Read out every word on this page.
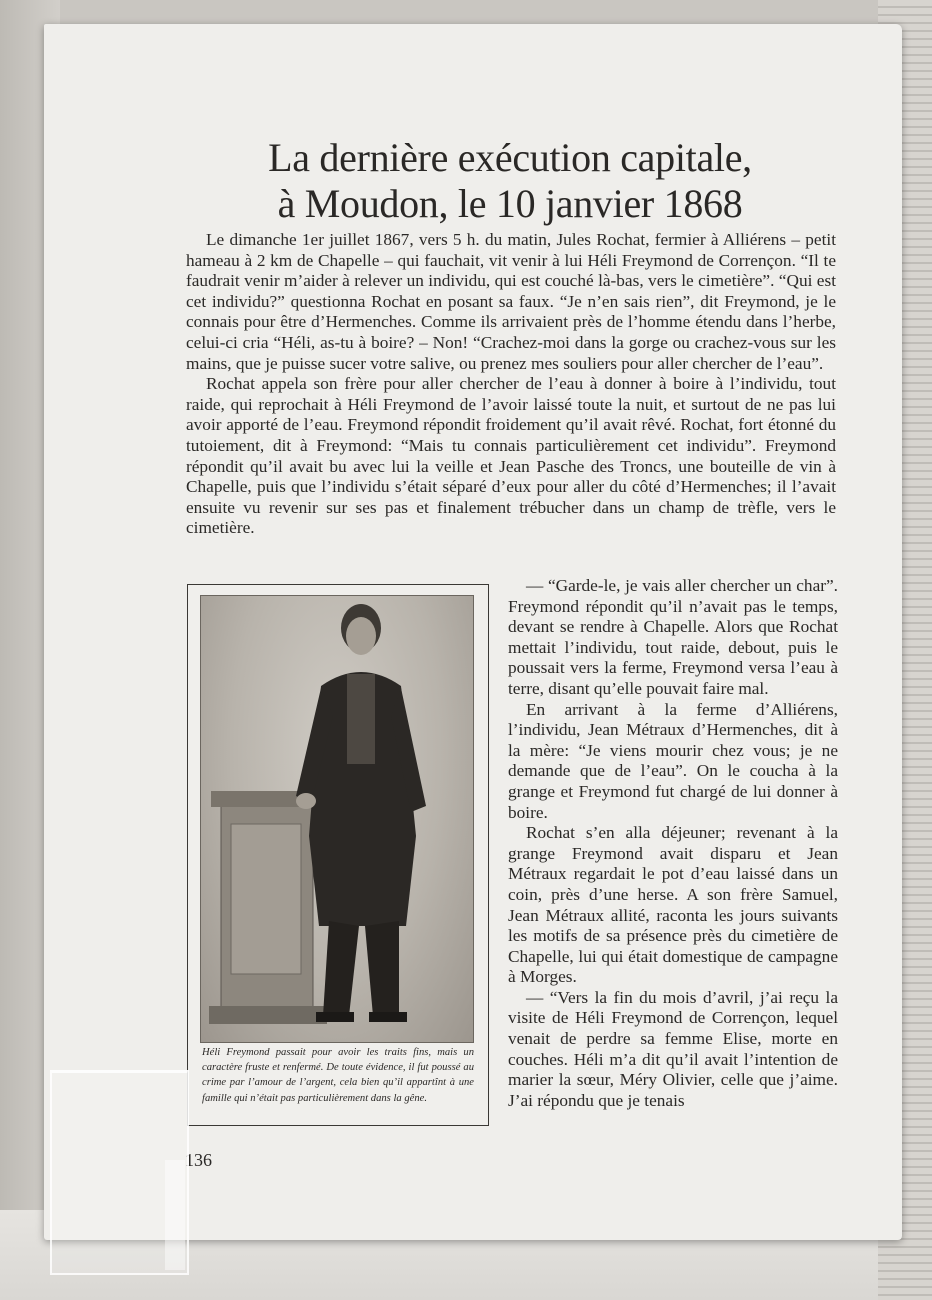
La dernière exécution capitale,
à Moudon, le 10 janvier 1868

Le dimanche 1er juillet 1867, vers 5 h. du matin, Jules Rochat, fermier à Alliérens – petit hameau à 2 km de Chapelle – qui fauchait, vit venir à lui Héli Freymond de Corrençon. “Il te faudrait venir m’aider à relever un individu, qui est couché là-bas, vers le cimetière”. “Qui est cet individu?” questionna Rochat en posant sa faux. “Je n’en sais rien”, dit Freymond, je le connais pour être d’Hermenches. Comme ils arrivaient près de l’homme étendu dans l’herbe, celui-ci cria “Héli, as-tu à boire? – Non! “Crachez-moi dans la gorge ou crachez-vous sur les mains, que je puisse sucer votre salive, ou prenez mes souliers pour aller chercher de l’eau”.

Rochat appela son frère pour aller chercher de l’eau à donner à boire à l’individu, tout raide, qui reprochait à Héli Freymond de l’avoir laissé toute la nuit, et surtout de ne pas lui avoir apporté de l’eau. Freymond répondit froidement qu’il avait rêvé. Rochat, fort étonné du tutoiement, dit à Freymond: “Mais tu connais particulièrement cet individu”. Freymond répondit qu’il avait bu avec lui la veille et Jean Pasche des Troncs, une bouteille de vin à Chapelle, puis que l’individu s’était séparé d’eux pour aller du côté d’Hermenches; il l’avait ensuite vu revenir sur ses pas et finalement trébucher dans un champ de trèfle, vers le cimetière.

Héli Freymond passait pour avoir les traits fins, mais un caractère fruste et renfermé. De toute évidence, il fut poussé au crime par l’amour de l’argent, cela bien qu’il appartînt à une famille qui n’était pas particulièrement dans la gêne.

— “Garde-le, je vais aller chercher un char”. Freymond répondit qu’il n’avait pas le temps, devant se rendre à Chapelle. Alors que Rochat mettait l’individu, tout raide, debout, puis le poussait vers la ferme, Freymond versa l’eau à terre, disant qu’elle pouvait faire mal.

En arrivant à la ferme d’Alliérens, l’individu, Jean Métraux d’Hermenches, dit à la mère: “Je viens mourir chez vous; je ne demande que de l’eau”. On le coucha à la grange et Freymond fut chargé de lui donner à boire.

Rochat s’en alla déjeuner; revenant à la grange Freymond avait disparu et Jean Métraux regardait le pot d’eau laissé dans un coin, près d’une herse. A son frère Samuel, Jean Métraux allité, raconta les jours suivants les motifs de sa présence près du cimetière de Chapelle, lui qui était domestique de campagne à Morges.

— “Vers la fin du mois d’avril, j’ai reçu la visite de Héli Freymond de Corrençon, lequel venait de perdre sa femme Elise, morte en couches. Héli m’a dit qu’il avait l’intention de marier la sœur, Méry Olivier, celle que j’aime. J’ai répondu que je tenais

136
